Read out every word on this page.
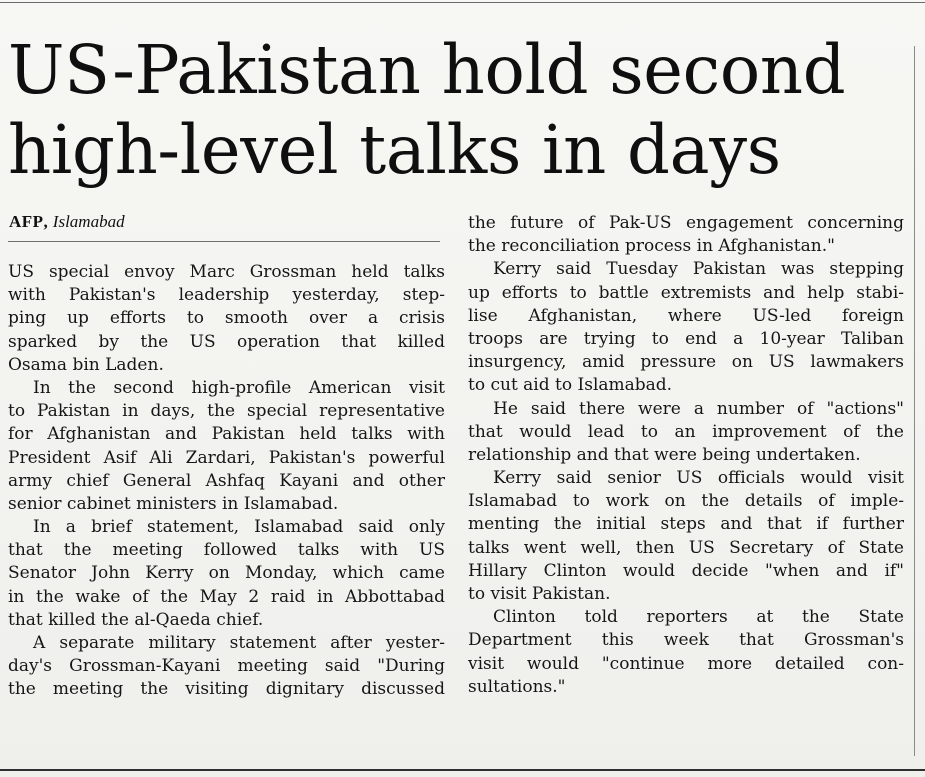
US-Pakistan hold second
high-level talks in days
AFP, Islamabad
US special envoy Marc Grossman held talks
with Pakistan's leadership yesterday, step-
ping up efforts to smooth over a crisis
sparked by the US operation that killed
Osama bin Laden.
In the second high-profile American visit
to Pakistan in days, the special representative
for Afghanistan and Pakistan held talks with
President Asif Ali Zardari, Pakistan's powerful
army chief General Ashfaq Kayani and other
senior cabinet ministers in Islamabad.
In a brief statement, Islamabad said only
that the meeting followed talks with US
Senator John Kerry on Monday, which came
in the wake of the May 2 raid in Abbottabad
that killed the al-Qaeda chief.
A separate military statement after yester-
day's Grossman-Kayani meeting said "During
the meeting the visiting dignitary discussed
the future of Pak-US engagement concerning
the reconciliation process in Afghanistan."
Kerry said Tuesday Pakistan was stepping
up efforts to battle extremists and help stabi-
lise Afghanistan, where US-led foreign
troops are trying to end a 10-year Taliban
insurgency, amid pressure on US lawmakers
to cut aid to Islamabad.
He said there were a number of "actions"
that would lead to an improvement of the
relationship and that were being undertaken.
Kerry said senior US officials would visit
Islamabad to work on the details of imple-
menting the initial steps and that if further
talks went well, then US Secretary of State
Hillary Clinton would decide "when and if"
to visit Pakistan.
Clinton told reporters at the State
Department this week that Grossman's
visit would "continue more detailed con-
sultations."
